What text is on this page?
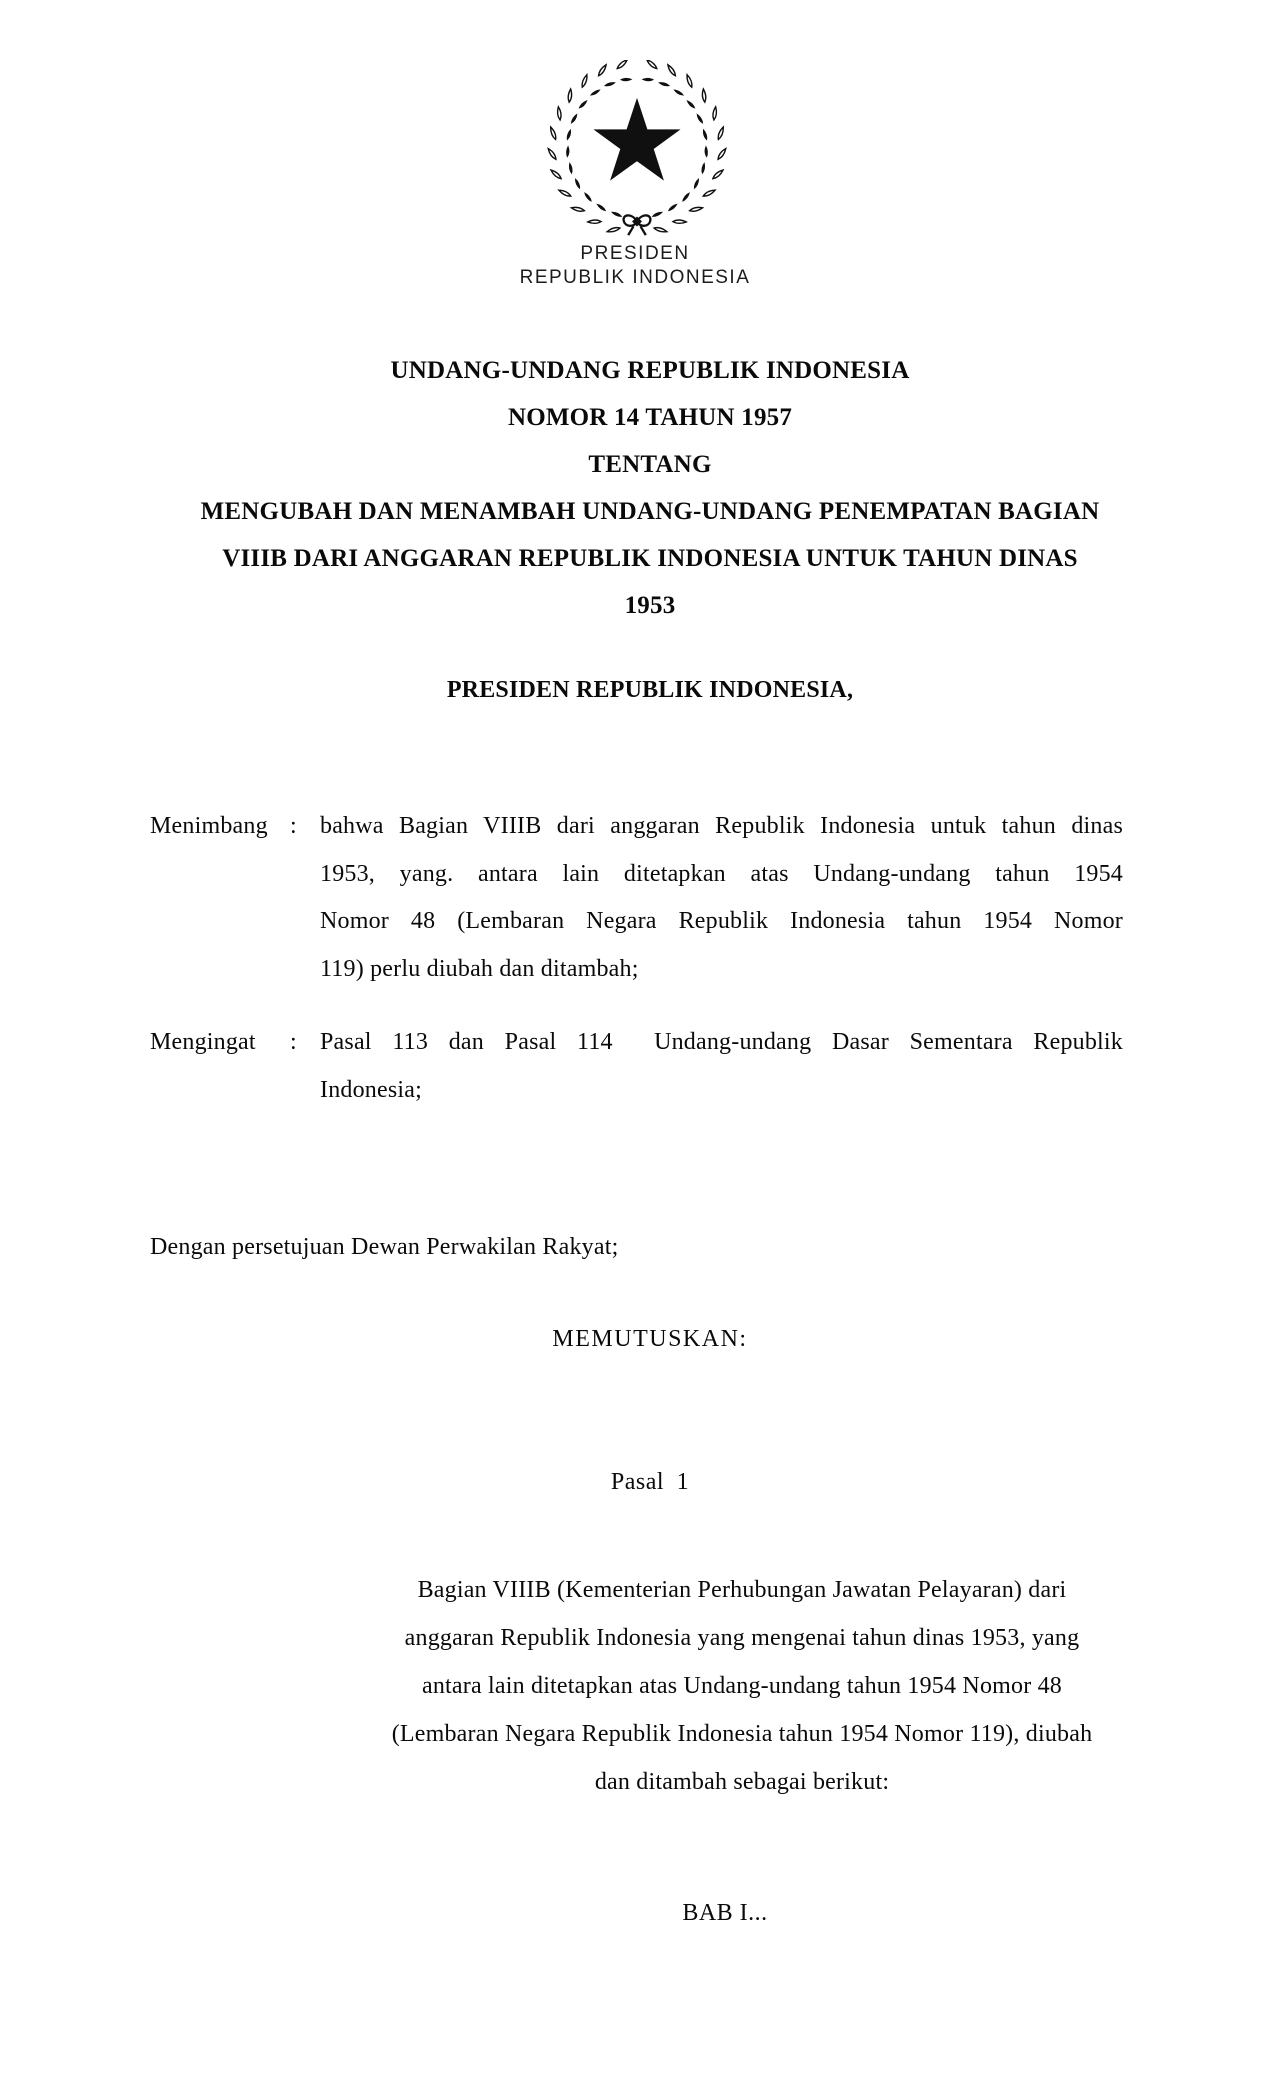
PRESIDEN
REPUBLIK INDONESIA
UNDANG-UNDANG REPUBLIK INDONESIA
NOMOR 14 TAHUN 1957
TENTANG
MENGUBAH DAN MENAMBAH UNDANG-UNDANG PENEMPATAN BAGIAN
VIIIB DARI ANGGARAN REPUBLIK INDONESIA UNTUK TAHUN DINAS
1953
PRESIDEN REPUBLIK INDONESIA,
Menimbang : bahwa Bagian VIIIB dari anggaran Republik Indonesia untuk tahun dinas
1953, yang. antara lain ditetapkan atas Undang-undang tahun 1954
Nomor 48 (Lembaran Negara Republik Indonesia tahun 1954 Nomor
119) perlu diubah dan ditambah;
Mengingat	: Pasal 113 dan Pasal 114  Undang-undang Dasar Sementara Republik
Indonesia;
Dengan persetujuan Dewan Perwakilan Rakyat;
MEMUTUSKAN:
Pasal 1
Bagian VIIIB (Kementerian Perhubungan Jawatan Pelayaran) dari
anggaran Republik Indonesia yang mengenai tahun dinas 1953, yang
antara lain ditetapkan atas Undang-undang tahun 1954 Nomor 48
(Lembaran Negara Republik Indonesia tahun 1954 Nomor 119), diubah
dan ditambah sebagai berikut:
BAB I...
